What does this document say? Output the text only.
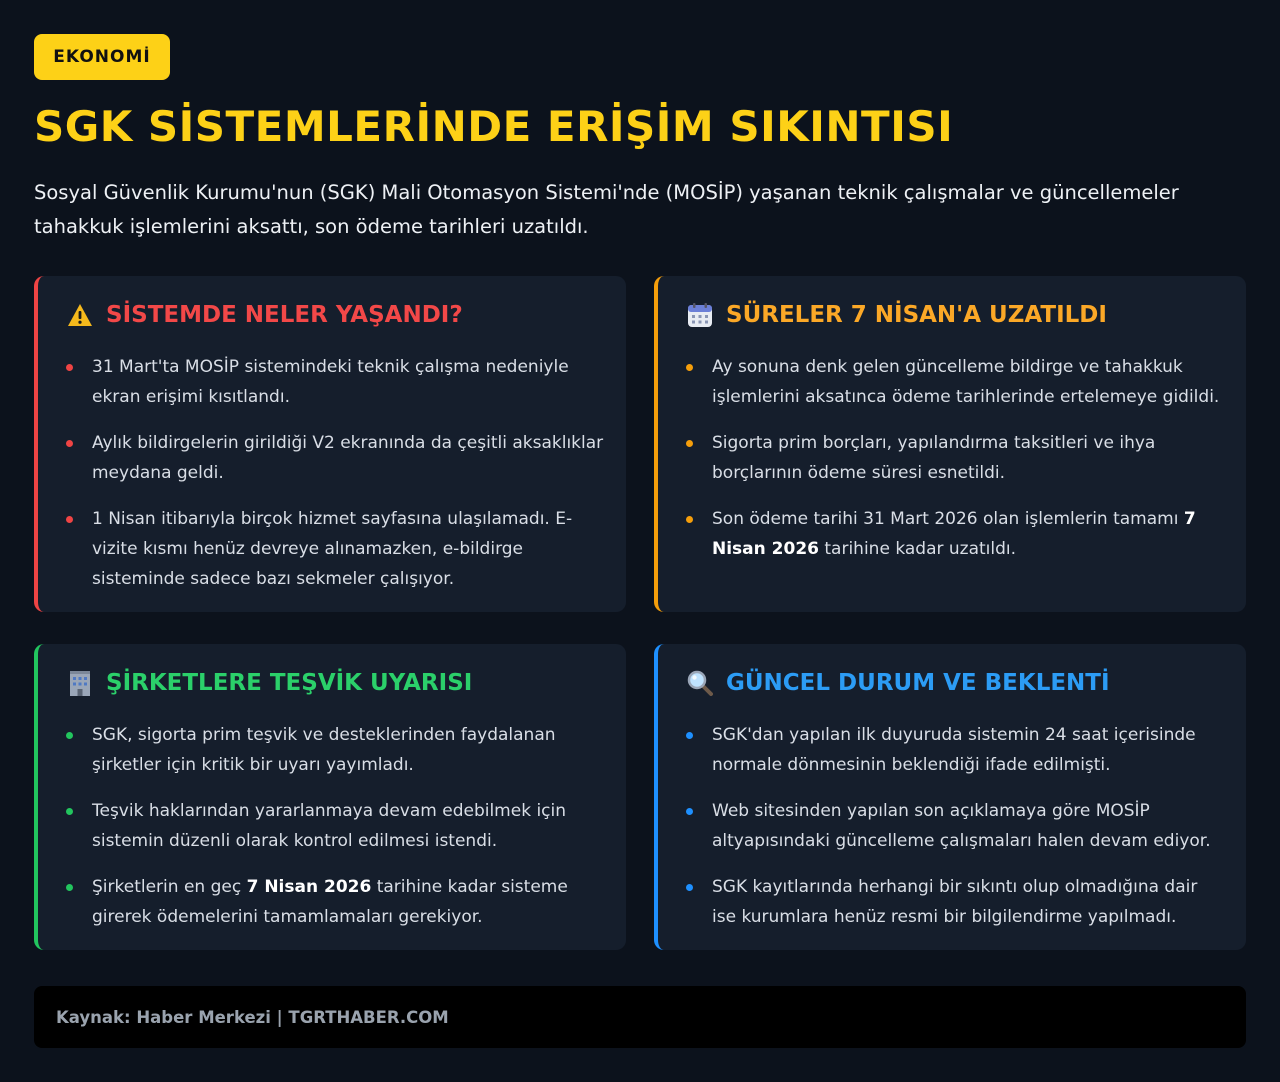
EKONOMİ
SGK SİSTEMLERİNDE ERİŞİM SIKINTISI

Sosyal Güvenlik Kurumu'nun (SGK) Mali Otomasyon Sistemi'nde (MOSİP) yaşanan teknik çalışmalar ve güncellemeler tahakkuk işlemlerini aksattı, son ödeme tarihleri uzatıldı.

SİSTEMDE NELER YAŞANDI?
31 Mart'ta MOSİP sistemindeki teknik çalışma nedeniyle ekran erişimi kısıtlandı.
Aylık bildirgelerin girildiği V2 ekranında da çeşitli aksaklıklar meydana geldi.
1 Nisan itibarıyla birçok hizmet sayfasına ulaşılamadı. E-vizite kısmı henüz devreye alınamazken, e-bildirge sisteminde sadece bazı sekmeler çalışıyor.
SÜRELER 7 NİSAN'A UZATILDI
Ay sonuna denk gelen güncelleme bildirge ve tahakkuk işlemlerini aksatınca ödeme tarihlerinde ertelemeye gidildi.
Sigorta prim borçları, yapılandırma taksitleri ve ihya borçlarının ödeme süresi esnetildi.
Son ödeme tarihi 31 Mart 2026 olan işlemlerin tamamı 7 Nisan 2026 tarihine kadar uzatıldı.
ŞİRKETLERE TEŞVİK UYARISI
SGK, sigorta prim teşvik ve desteklerinden faydalanan şirketler için kritik bir uyarı yayımladı.
Teşvik haklarından yararlanmaya devam edebilmek için sistemin düzenli olarak kontrol edilmesi istendi.
Şirketlerin en geç 7 Nisan 2026 tarihine kadar sisteme girerek ödemelerini tamamlamaları gerekiyor.
GÜNCEL DURUM VE BEKLENTİ
SGK'dan yapılan ilk duyuruda sistemin 24 saat içerisinde normale dönmesinin beklendiği ifade edilmişti.
Web sitesinden yapılan son açıklamaya göre MOSİP altyapısındaki güncelleme çalışmaları halen devam ediyor.
SGK kayıtlarında herhangi bir sıkıntı olup olmadığına dair ise kurumlara henüz resmi bir bilgilendirme yapılmadı.
Kaynak: Haber Merkezi | TGRTHABER.COM
